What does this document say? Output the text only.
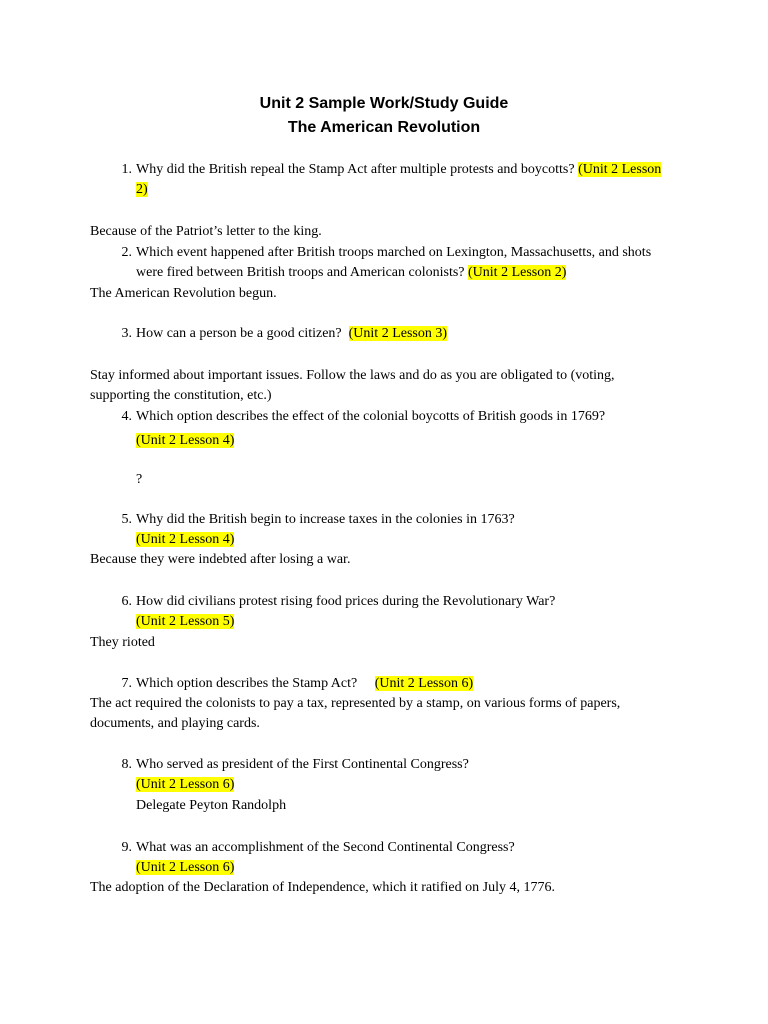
Unit 2 Sample Work/Study Guide
The American Revolution

1. Why did the British repeal the Stamp Act after multiple protests and boycotts? (Unit 2 Lesson 2)

Because of the Patriot’s letter to the king.

2. Which event happened after British troops marched on Lexington, Massachusetts, and shots were fired between British troops and American colonists? (Unit 2 Lesson 2)

The American Revolution begun.

3. How can a person be a good citizen? (Unit 2 Lesson 3)

Stay informed about important issues. Follow the laws and do as you are obligated to (voting, supporting the constitution, etc.)

4. Which option describes the effect of the colonial boycotts of British goods in 1769?

(Unit 2 Lesson 4)

?

5. Why did the British begin to increase taxes in the colonies in 1763?

(Unit 2 Lesson 4)

Because they were indebted after losing a war.

6. How did civilians protest rising food prices during the Revolutionary War?

(Unit 2 Lesson 5)

They rioted

7. Which option describes the Stamp Act? (Unit 2 Lesson 6)

The act required the colonists to pay a tax, represented by a stamp, on various forms of papers, documents, and playing cards.

8. Who served as president of the First Continental Congress?

(Unit 2 Lesson 6)

Delegate Peyton Randolph

9. What was an accomplishment of the Second Continental Congress?

(Unit 2 Lesson 6)

The adoption of the Declaration of Independence, which it ratified on July 4, 1776.
